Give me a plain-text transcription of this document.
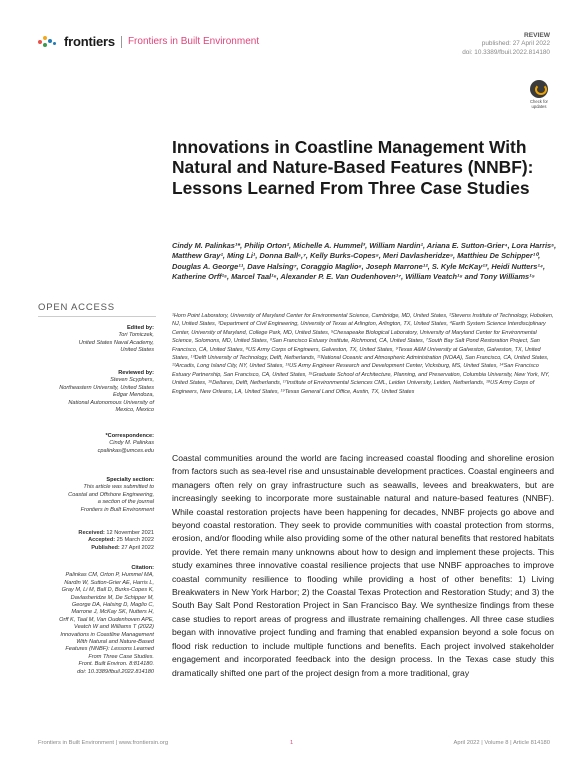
frontiers Frontiers in Built Environment
REVIEW
published: 27 April 2022
doi: 10.3389/fbuil.2022.814180
Check for updates
Innovations in Coastline Management With Natural and Nature-Based Features (NNBF): Lessons Learned From Three Case Studies
Cindy M. Palinkas¹*, Philip Orton², Michelle A. Hummel³, William Nardin¹, Ariana E. Sutton-Grier⁴, Lora Harris⁵, Matthew Gray¹, Ming Li¹, Donna Ball⁶,⁷, Kelly Burks-Copes⁸, Meri Davlasheridze⁹, Matthieu De Schipper¹⁰, Douglas A. George¹¹, Dave Halsing⁷, Coraggio Maglio⁸, Joseph Marrone¹², S. Kyle McKay¹³, Heidi Nutters¹⁴, Katherine Orff¹⁵, Marcel Taal¹⁶, Alexander P. E. Van Oudenhoven¹⁷, William Veatch¹⁸ and Tony Williams¹⁹
¹Horn Point Laboratory, University of Maryland Center for Environmental Science, Cambridge, MD, United States, ²Stevens Institute of Technology, Hoboken, NJ, United States, ³Department of Civil Engineering, University of Texas at Arlington, Arlington, TX, United States, ⁴Earth System Science Interdisciplinary Center, University of Maryland, College Park, MD, United States, ⁵Chesapeake Biological Laboratory, University of Maryland Center for Environmental Science, Solomons, MD, United States, ⁶San Francisco Estuary Institute, Richmond, CA, United States, ⁷South Bay Salt Pond Restoration Project, San Francisco, CA, United States, ⁸US Army Corps of Engineers, Galveston, TX, United States, ⁹Texas A&M University at Galveston, Galveston, TX, United States, ¹⁰Delft University of Technology, Delft, Netherlands, ¹¹National Oceanic and Atmospheric Administration (NOAA), San Francisco, CA, United States, ¹²Arcadis, Long Island City, NY, United States, ¹³US Army Engineer Research and Development Center, Vicksburg, MS, United States, ¹⁴San Francisco Estuary Partnership, San Francisco, CA, United States, ¹⁵Graduate School of Architecture, Planning, and Preservation, Columbia University, New York, NY, United States, ¹⁶Deltares, Delft, Netherlands, ¹⁷Institute of Environmental Sciences CML, Leiden University, Leiden, Netherlands, ¹⁸US Army Corps of Engineers, New Orleans, LA, United States, ¹⁹Texas General Land Office, Austin, TX, United States
OPEN ACCESS
Edited by:
Tori Tomiczek,
United States Naval Academy,
United States
Reviewed by:
Steven Scyphers,
Northeastern University, United States
Edgar Mendoza,
National Autonomous University of
Mexico, Mexico
*Correspondence:
Cindy M. Palinkas
cpalinkas@umces.edu
Specialty section:
This article was submitted to
Coastal and Offshore Engineering,
a section of the journal
Frontiers in Built Environment
Received: 12 November 2021
Accepted: 25 March 2022
Published: 27 April 2022
Citation:
Palinkas CM, Orton P, Hummel MA,
Nardin W, Sutton-Grier AE, Harris L,
Gray M, Li M, Ball D, Burks-Copes K,
Davlasheridze M, De Schipper M,
George DA, Halsing D, Maglio C,
Marrone J, McKay SK, Nutters H,
Orff K, Taal M, Van Oudenhoven APE,
Veatch W and Williams T (2022)
Innovations in Coastline Management
With Natural and Nature-Based
Features (NNBF): Lessons Learned
From Three Case Studies.
Front. Built Environ. 8:814180.
doi: 10.3389/fbuil.2022.814180

Coastal communities around the world are facing increased coastal flooding and shoreline erosion from factors such as sea-level rise and unsustainable development practices. Coastal engineers and managers often rely on gray infrastructure such as seawalls, levees and breakwaters, but are increasingly seeking to incorporate more sustainable natural and nature-based features (NNBF). While coastal restoration projects have been happening for decades, NNBF projects go above and beyond coastal restoration. They seek to provide communities with coastal protection from storms, erosion, and/or flooding while also providing some of the other natural benefits that restored habitats provide. Yet there remain many unknowns about how to design and implement these projects. This study examines three innovative coastal resilience projects that use NNBF approaches to improve coastal community resilience to flooding while providing a host of other benefits: 1) Living Breakwaters in New York Harbor; 2) the Coastal Texas Protection and Restoration Study; and 3) the South Bay Salt Pond Restoration Project in San Francisco Bay. We synthesize findings from these case studies to report areas of progress and illustrate remaining challenges. All three case studies began with innovative project funding and framing that enabled expansion beyond a sole focus on flood risk reduction to include multiple functions and benefits. Each project involved stakeholder engagement and incorporated feedback into the design process. In the Texas case study this dramatically shifted one part of the project design from a more traditional, gray

Frontiers in Built Environment | www.frontiersin.org	1	April 2022 | Volume 8 | Article 814180
